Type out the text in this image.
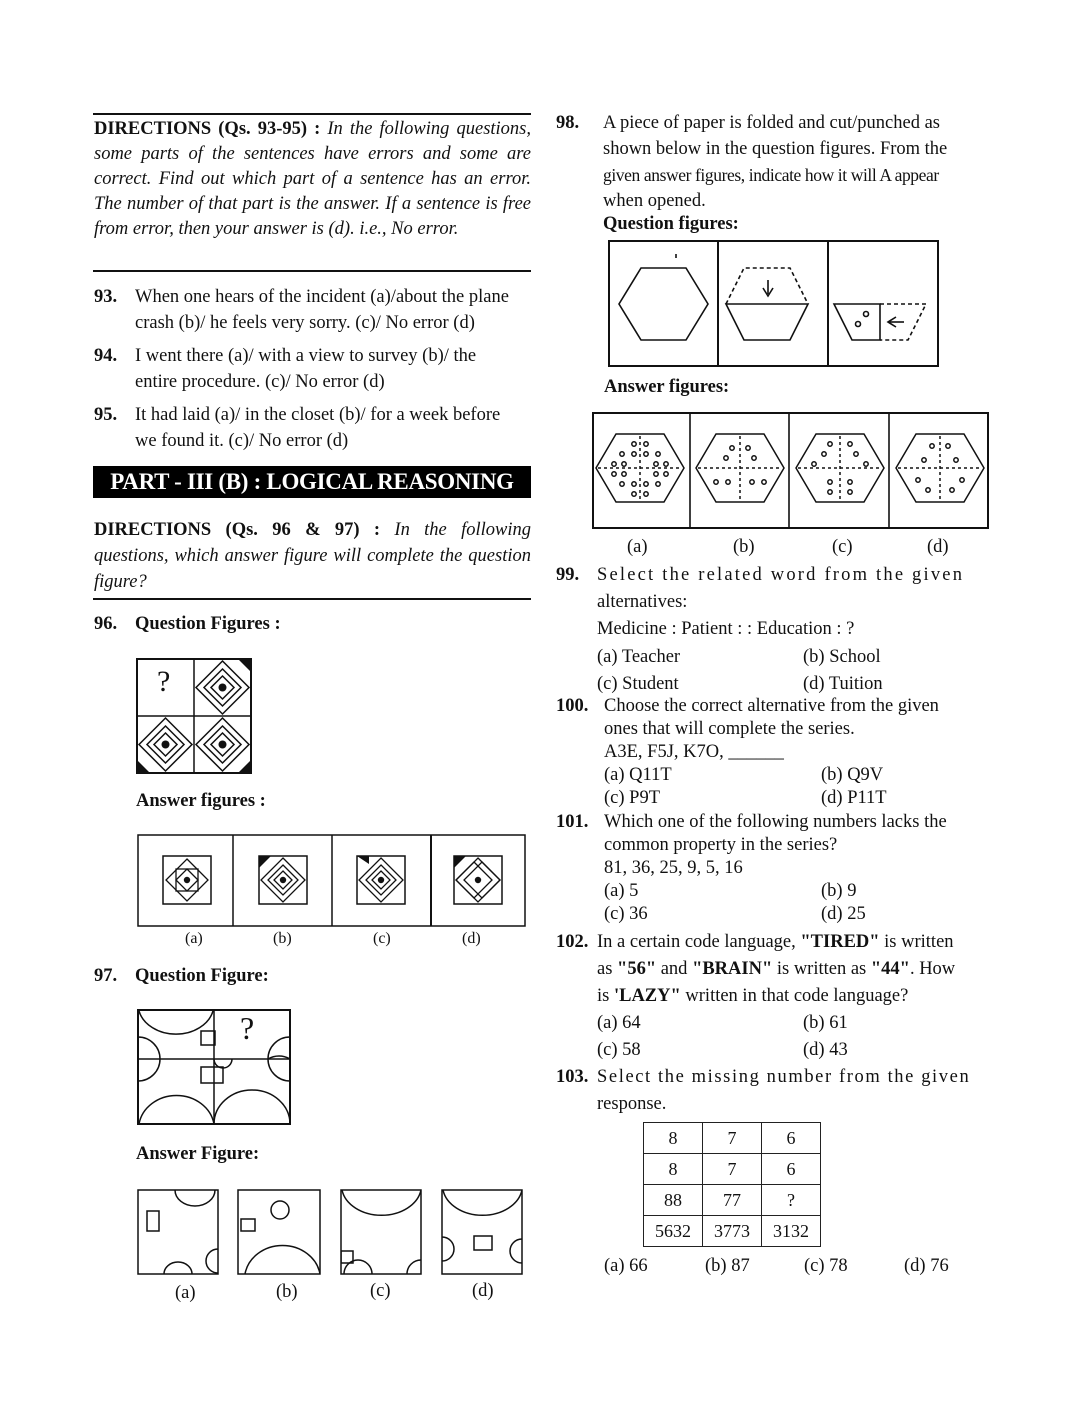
DIRECTIONS (Qs. 93-95) : In the following questions, some parts of the sentences have errors and some are correct. Find out which part of a sentence has an error. The number of that part is the answer. If a sentence is free from error, then your answer is (d). i.e., No error.
93. When one hears of the incident (a)/about the plane
crash (b)/ he feels very sorry. (c)/ No error (d)
94. I went there (a)/ with a view to survey (b)/ the
entire procedure. (c)/ No error (d)
95. It had laid (a)/ in the closet (b)/ for a week before
we found it. (c)/ No error (d)
PART - III (B) : LOGICAL REASONING
DIRECTIONS (Qs. 96 & 97) : In the following questions, which answer figure will complete the question figure?
96. Question Figures :
?
Answer figures :
(a)	(b)	(c)	(d)
97. Question Figure:
?
Answer Figure:
(a)	(b)	(c)	(d)
98. A piece of paper is folded and cut/punched as
shown below in the question figures. From the
given answer figures, indicate how it will A appear
when opened.
Question figures:
Answer figures:
(a)	(b)	(c)	(d)
99. Select the related word from the given
alternatives:
Medicine : Patient : : Education : ?
(a) Teacher	(b) School
(c) Student	(d) Tuition
100. Choose the correct alternative from the given
ones that will complete the series.
A3E, F5J, K7O, ______
(a) Q11T	(b) Q9V
(c) P9T	(d) P11T
101. Which one of the following numbers lacks the
common property in the series?
81, 36, 25, 9, 5, 16
(a) 5	(b) 9
(c) 36	(d) 25
102. In a certain code language, "TIRED" is written
as "56" and "BRAIN" is written as "44". How
is 'LAZY" written in that code language?
(a) 64	(b) 61
(c) 58	(d) 43
103. Select the missing number from the given
response.
8	7	6
8	7	6
88	77	?
5632	3773	3132
(a) 66	(b) 87	(c) 78	(d) 76
